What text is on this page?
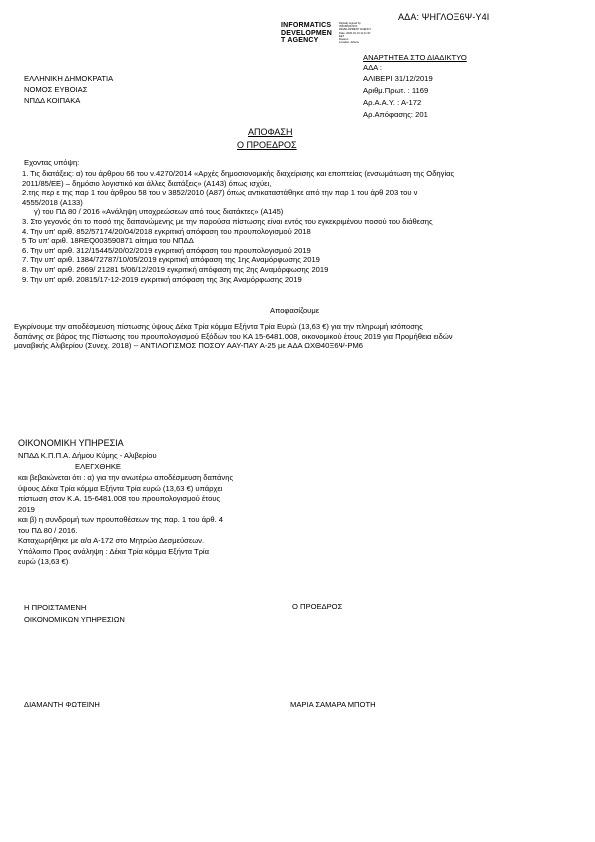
ΑΔΑ: ΨΗΓΛΟΞ6Ψ-Υ4Ι
INFORMATICS
DEVELOPMEN
T AGENCY
Digitally signed by
INFORMATICS
DEVELOPMENT AGENCY
Date: 2020.01.13 11:11:37
EET
Reason:
Location: Athens
ΑΝΑΡΤΗΤΕΑ ΣΤΟ ΔΙΑΔΙΚΤΥΟ
ΑΔΑ :
ΕΛΛΗΝΙΚΗ ΔΗΜΟΚΡΑΤΙΑ
ΝΟΜΟΣ ΕΥΒΟΙΑΣ
ΝΠΔΔ ΚΟΙΠΑΚΑ
ΑΛΙΒΕΡΙ 31/12/2019
Αριθμ.Πρωτ. : 1169
Αρ.Α.Α.Υ. : Α-172
Αρ.Απόφασης: 201
ΑΠΟΦΑΣΗ
Ο ΠΡΟΕΔΡΟΣ
Εχοντας υπόψη:
1. Τις διατάξεις: α) του άρθρου 66 του ν.4270/2014 «Αρχές δημοσιονομικής διαχείρισης και εποπτείας (ενσωμάτωση της Οδηγίας
2011/85/ΕΕ) – δημόσιο λογιστικό και άλλες διατάξεις» (Α143) όπως ισχύει,
2.της περ ε της παρ 1 του άρθρου 58 του ν 3852/2010 (Α87) όπως αντικαταστάθηκε από την παρ 1 του άρθ 203 του ν
4555/2018 (Α133)
γ) του ΠΔ 80 / 2016 «Ανάληψη υποχρεώσεων από τους διατάκτες» (Α145)
3. Στο γεγονός ότι το ποσό της δαπανώμενης με την παρούσα πίστωσης είναι εντός του εγκεκριμένου ποσού του διάθεσης
4. Την υπ' αριθ. 852/57174/20/04/2018 εγκριτική απόφαση του προυπολογισμού 2018
5 Το υπ' αριθ. 18REQ003590871 αίτημα του ΝΠΔΔ
6. Την υπ' αριθ. 312/15445/20/02/2019 εγκριτική απόφαση του προυπολογισμού 2019
7. Την υπ' αριθ. 1384/72787/10/05/2019 εγκριτική απόφαση της 1ης Αναμόρφωσης 2019
8. Την υπ' αριθ. 2669/ 21281 5/06/12/2019 εγκριτική απόφαση της 2ης Αναμόρφωσης 2019
9. Την υπ' αριθ. 20815/17-12-2019 εγκριτική απόφαση της 3ης Αναμόρφωσης 2019
Αποφασίζουμε
Εγκρίνουμε την αποδέσμευση πίστωσης ύψους Δέκα Τρία κόμμα Εξήντα Τρία Ευρώ (13,63 €) για την πληρωμή ισόποσης
δαπάνης σε βάρος της Πίστωσης του προυπολογισμού Εξόδων του ΚΑ 15-6481.008, οικονομικού έτους 2019 για Προμήθεια ειδών
μαναβικής Αλιβερίου (Συνεχ. 2018) -- ΑΝΤΙΛΟΓΙΣΜΟΣ ΠΟΣΟΥ ΑΑΥ-ΠΑΥ Α-25 με ΑΔΑ ΩΧΘ40Ξ6Ψ-ΡΜ6
ΟΙΚΟΝΟΜΙΚΗ ΥΠΗΡΕΣΙΑ
ΝΠΔΔ Κ.Π.Π.Α. Δήμου Κύμης - Αλιβερίου
ΕΛΕΓΧΘΗΚΕ
και βεβαιώνεται ότι : α) για την ανωτέρω αποδέσμευση δαπάνης
ύψους Δέκα Τρία κόμμα Εξήντα Τρία ευρώ (13,63 €) υπάρχει
πίστωση στον Κ.Α. 15-6481.008 του προυπολογισμού έτους
2019
και β) η συνδρομή των προυποθέσεων της παρ. 1 του άρθ. 4
του ΠΔ 80 / 2016.
Καταχωρήθηκε με α/α Α-172 στο Μητρώο Δεσμεύσεων.
Υπόλοιπο Προς ανάληψη : Δέκα Τρία κόμμα Εξήντα Τρία
ευρώ (13,63 €)
Η ΠΡΟΙΣΤΑΜΕΝΗ
ΟΙΚΟΝΟΜΙΚΩΝ ΥΠΗΡΕΣΙΩΝ
Ο ΠΡΟΕΔΡΟΣ
ΔΙΑΜΑΝΤΗ ΦΩΤΕΙΝΗ	ΜΑΡΙΑ ΣΑΜΑΡΑ ΜΠΟΤΗ
